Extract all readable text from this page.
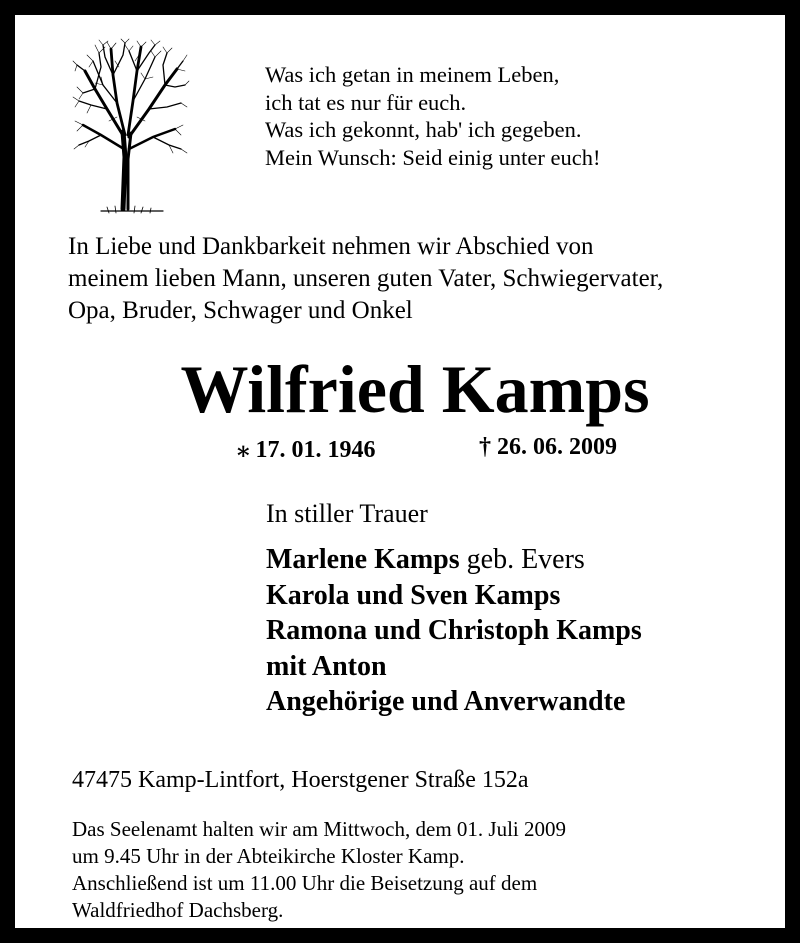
Was ich getan in meinem Leben,
ich tat es nur für euch.
Was ich gekonnt, hab' ich gegeben.
Mein Wunsch: Seid einig unter euch!
In Liebe und Dankbarkeit nehmen wir Abschied von
meinem lieben Mann, unseren guten Vater, Schwiegervater,
Opa, Bruder, Schwager und Onkel
Wilfried Kamps
⁎ 17. 01. 1946	† 26. 06. 2009
In stiller Trauer
Marlene Kamps geb. Evers
Karola und Sven Kamps
Ramona und Christoph Kamps
mit Anton
Angehörige und Anverwandte
47475 Kamp-Lintfort, Hoerstgener Straße 152a
Das Seelenamt halten wir am Mittwoch, dem 01. Juli 2009
um 9.45 Uhr in der Abteikirche Kloster Kamp.
Anschließend ist um 11.00 Uhr die Beisetzung auf dem
Waldfriedhof Dachsberg.
